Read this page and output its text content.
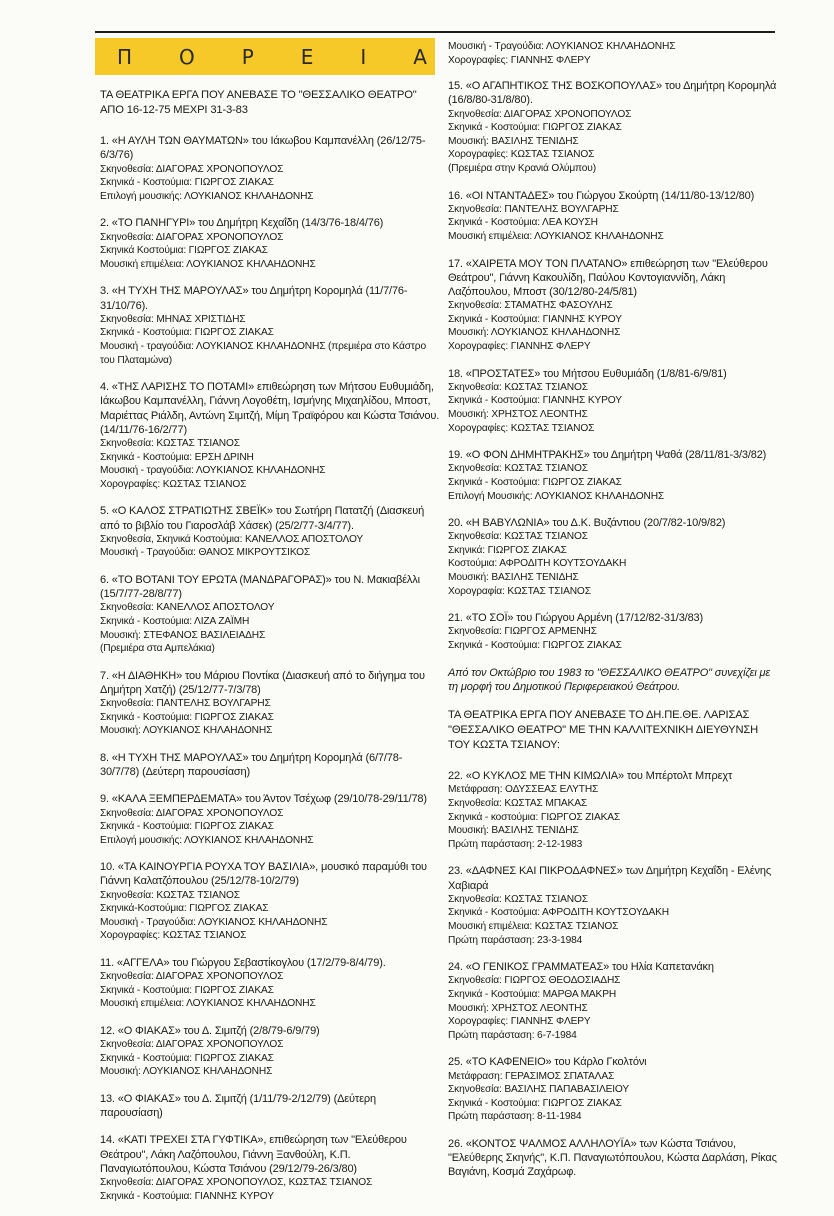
Π Ο Ρ Ε Ι Α
ΤΑ ΘΕΑΤΡΙΚΑ ΕΡΓΑ ΠΟΥ ΑΝΕΒΑΣΕ ΤΟ "ΘΕΣΣΑΛΙΚΟ ΘΕΑΤΡΟ" ΑΠΟ 16-12-75 ΜΕΧΡΙ 31-3-83
1. «Η ΑΥΛΗ ΤΩΝ ΘΑΥΜΑΤΩΝ» του Ιάκωβου Καμπανέλλη (26/12/75-6/3/76)
Σκηνοθεσία: ΔΙΑΓΟΡΑΣ ΧΡΟΝΟΠΟΥΛΟΣ
Σκηνικά - Κοστούμια: ΓΙΩΡΓΟΣ ΖΙΑΚΑΣ
Επιλογή μουσικής: ΛΟΥΚΙΑΝΟΣ ΚΗΛΑΗΔΟΝΗΣ
2. «ΤΟ ΠΑΝΗΓΥΡΙ» του Δημήτρη Κεχαΐδη (14/3/76-18/4/76)
Σκηνοθεσία: ΔΙΑΓΟΡΑΣ ΧΡΟΝΟΠΟΥΛΟΣ
Σκηνικά Κοστούμια: ΓΙΩΡΓΟΣ ΖΙΑΚΑΣ
Μουσική επιμέλεια: ΛΟΥΚΙΑΝΟΣ ΚΗΛΑΗΔΟΝΗΣ
3. «Η ΤΥΧΗ ΤΗΣ ΜΑΡΟΥΛΑΣ» του Δημήτρη Κορομηλά (11/7/76-31/10/76).
Σκηνοθεσία: ΜΗΝΑΣ ΧΡΙΣΤΙΔΗΣ
Σκηνικά - Κοστούμια: ΓΙΩΡΓΟΣ ΖΙΑΚΑΣ
Μουσική - τραγούδια: ΛΟΥΚΙΑΝΟΣ ΚΗΛΑΗΔΟΝΗΣ (πρεμιέρα στο Κάστρο του Πλαταμώνα)
4. «ΤΗΣ ΛΑΡΙΣΗΣ ΤΟ ΠΟΤΑΜΙ» επιθεώρηση των Μήτσου Ευθυμιάδη, Ιάκωβου Καμπανέλλη, Γιάννη Λογοθέτη, Ισμήνης Μιχαηλίδου, Μποστ, Μαριέττας Ριάλδη, Αντώνη Σιμιτζή, Μίμη Τραϊφόρου και Κώστα Τσιάνου. (14/11/76-16/2/77)
Σκηνοθεσία: ΚΩΣΤΑΣ ΤΣΙΑΝΟΣ
Σκηνικά - Κοστούμια: ΕΡΣΗ ΔΡΙΝΗ
Μουσική - τραγούδια: ΛΟΥΚΙΑΝΟΣ ΚΗΛΑΗΔΟΝΗΣ
Χορογραφίες: ΚΩΣΤΑΣ ΤΣΙΑΝΟΣ
5. «Ο ΚΑΛΟΣ ΣΤΡΑΤΙΩΤΗΣ ΣΒΕΪΚ» του Σωτήρη Πατατζή (Διασκευή από το βιβλίο του Γιαροσλάβ Χάσεκ) (25/2/77-3/4/77).
Σκηνοθεσία, Σκηνικά Κοστούμια: ΚΑΝΕΛΛΟΣ ΑΠΟΣΤΟΛΟΥ
Μουσική - Τραγούδια: ΘΑΝΟΣ ΜΙΚΡΟΥΤΣΙΚΟΣ
6. «ΤΟ ΒΟΤΑΝΙ ΤΟΥ ΕΡΩΤΑ (ΜΑΝΔΡΑΓΟΡΑΣ)» του Ν. Μακιαβέλλι (15/7/77-28/8/77)
Σκηνοθεσία: ΚΑΝΕΛΛΟΣ ΑΠΟΣΤΟΛΟΥ
Σκηνικά - Κοστούμια: ΛΙΖΑ ΖΑΪΜΗ
Μουσική: ΣΤΕΦΑΝΟΣ ΒΑΣΙΛΕΙΑΔΗΣ
(Πρεμιέρα στα Αμπελάκια)
7. «Η ΔΙΑΘΗΚΗ» του Μάριου Ποντίκα (Διασκευή από το διήγημα του Δημήτρη Χατζή) (25/12/77-7/3/78)
Σκηνοθεσία: ΠΑΝΤΕΛΗΣ ΒΟΥΛΓΑΡΗΣ
Σκηνικά - Κοστούμια: ΓΙΩΡΓΟΣ ΖΙΑΚΑΣ
Μουσική: ΛΟΥΚΙΑΝΟΣ ΚΗΛΑΗΔΟΝΗΣ
8. «Η ΤΥΧΗ ΤΗΣ ΜΑΡΟΥΛΑΣ» του Δημήτρη Κορομηλά (6/7/78-30/7/78) (Δεύτερη παρουσίαση)
9. «ΚΑΛΑ ΞΕΜΠΕΡΔΕΜΑΤΑ» του Άντον Τσέχωφ (29/10/78-29/11/78)
Σκηνοθεσία: ΔΙΑΓΟΡΑΣ ΧΡΟΝΟΠΟΥΛΟΣ
Σκηνικά - Κοστούμια: ΓΙΩΡΓΟΣ ΖΙΑΚΑΣ
Επιλογή μουσικής: ΛΟΥΚΙΑΝΟΣ ΚΗΛΑΗΔΟΝΗΣ
10. «ΤΑ ΚΑΙΝΟΥΡΓΙΑ ΡΟΥΧΑ ΤΟΥ ΒΑΣΙΛΙΑ», μουσικό παραμύθι του Γιάννη Καλατζόπουλου (25/12/78-10/2/79)
Σκηνοθεσία: ΚΩΣΤΑΣ ΤΣΙΑΝΟΣ
Σκηνικά-Κοστούμια: ΓΙΩΡΓΟΣ ΖΙΑΚΑΣ
Μουσική - Τραγούδια: ΛΟΥΚΙΑΝΟΣ ΚΗΛΑΗΔΟΝΗΣ
Χορογραφίες: ΚΩΣΤΑΣ ΤΣΙΑΝΟΣ
11. «ΑΓΓΕΛΑ» του Γιώργου Σεβαστίκογλου (17/2/79-8/4/79).
Σκηνοθεσία: ΔΙΑΓΟΡΑΣ ΧΡΟΝΟΠΟΥΛΟΣ
Σκηνικά - Κοστούμια: ΓΙΩΡΓΟΣ ΖΙΑΚΑΣ
Μουσική επιμέλεια: ΛΟΥΚΙΑΝΟΣ ΚΗΛΑΗΔΟΝΗΣ
12. «Ο ΦΙΑΚΑΣ» του Δ. Σιμιτζή (2/8/79-6/9/79)
Σκηνοθεσία: ΔΙΑΓΟΡΑΣ ΧΡΟΝΟΠΟΥΛΟΣ
Σκηνικά - Κοστούμια: ΓΙΩΡΓΟΣ ΖΙΑΚΑΣ
Μουσική: ΛΟΥΚΙΑΝΟΣ ΚΗΛΑΗΔΟΝΗΣ
13. «Ο ΦΙΑΚΑΣ» του Δ. Σιμιτζή (1/11/79-2/12/79) (Δεύτερη παρουσίαση)
14. «ΚΑΤΙ ΤΡΕΧΕΙ ΣΤΑ ΓΥΦΤΙΚΑ», επιθεώρηση των "Ελεύθερου Θεάτρου", Λάκη Λαζόπουλου, Γιάννη Ξανθούλη, Κ.Π. Παναγιωτόπουλου, Κώστα Τσιάνου (29/12/79-26/3/80)
Σκηνοθεσία: ΔΙΑΓΟΡΑΣ ΧΡΟΝΟΠΟΥΛΟΣ, ΚΩΣΤΑΣ ΤΣΙΑΝΟΣ
Σκηνικά - Κοστούμια: ΓΙΑΝΝΗΣ ΚΥΡΟΥ
Μουσική - Τραγούδια: ΛΟΥΚΙΑΝΟΣ ΚΗΛΑΗΔΟΝΗΣ
Χορογραφίες: ΓΙΑΝΝΗΣ ΦΛΕΡΥ
15. «Ο ΑΓΑΠΗΤΙΚΟΣ ΤΗΣ ΒΟΣΚΟΠΟΥΛΑΣ» του Δημήτρη Κορομηλά (16/8/80-31/8/80).
Σκηνοθεσία: ΔΙΑΓΟΡΑΣ ΧΡΟΝΟΠΟΥΛΟΣ
Σκηνικά - Κοστούμια: ΓΙΩΡΓΟΣ ΖΙΑΚΑΣ
Μουσική: ΒΑΣΙΛΗΣ ΤΕΝΙΔΗΣ
Χορογραφίες: ΚΩΣΤΑΣ ΤΣΙΑΝΟΣ
(Πρεμιέρα στην Κρανιά Ολύμπου)
16. «ΟΙ ΝΤΑΝΤΑΔΕΣ» του Γιώργου Σκούρτη (14/11/80-13/12/80)
Σκηνοθεσία: ΠΑΝΤΕΛΗΣ ΒΟΥΛΓΑΡΗΣ
Σκηνικά - Κοστούμια: ΛΕΑ ΚΟΥΣΗ
Μουσική επιμέλεια: ΛΟΥΚΙΑΝΟΣ ΚΗΛΑΗΔΟΝΗΣ
17. «ΧΑΙΡΕΤΑ ΜΟΥ ΤΟΝ ΠΛΑΤΑΝΟ» επιθεώρηση των "Ελεύθερου Θεάτρου", Γιάννη Κακουλίδη, Παύλου Κοντογιαννίδη, Λάκη Λαζόπουλου, Μποστ (30/12/80-24/5/81)
Σκηνοθεσία: ΣΤΑΜΑΤΗΣ ΦΑΣΟΥΛΗΣ
Σκηνικά - Κοστούμια: ΓΙΑΝΝΗΣ ΚΥΡΟΥ
Μουσική: ΛΟΥΚΙΑΝΟΣ ΚΗΛΑΗΔΟΝΗΣ
Χορογραφίες: ΓΙΑΝΝΗΣ ΦΛΕΡΥ
18. «ΠΡΟΣΤΑΤΕΣ» του Μήτσου Ευθυμιάδη (1/8/81-6/9/81)
Σκηνοθεσία: ΚΩΣΤΑΣ ΤΣΙΑΝΟΣ
Σκηνικά - Κοστούμια: ΓΙΑΝΝΗΣ ΚΥΡΟΥ
Μουσική: ΧΡΗΣΤΟΣ ΛΕΟΝΤΗΣ
Χορογραφίες: ΚΩΣΤΑΣ ΤΣΙΑΝΟΣ
19. «Ο ΦΟΝ ΔΗΜΗΤΡΑΚΗΣ» του Δημήτρη Ψαθά (28/11/81-3/3/82)
Σκηνοθεσία: ΚΩΣΤΑΣ ΤΣΙΑΝΟΣ
Σκηνικά - Κοστούμια: ΓΙΩΡΓΟΣ ΖΙΑΚΑΣ
Επιλογή Μουσικής: ΛΟΥΚΙΑΝΟΣ ΚΗΛΑΗΔΟΝΗΣ
20. «Η ΒΑΒΥΛΩΝΙΑ» του Δ.Κ. Βυζάντιου (20/7/82-10/9/82)
Σκηνοθεσία: ΚΩΣΤΑΣ ΤΣΙΑΝΟΣ
Σκηνικά: ΓΙΩΡΓΟΣ ΖΙΑΚΑΣ
Κοστούμια: ΑΦΡΟΔΙΤΗ ΚΟΥΤΣΟΥΔΑΚΗ
Μουσική: ΒΑΣΙΛΗΣ ΤΕΝΙΔΗΣ
Χορογραφία: ΚΩΣΤΑΣ ΤΣΙΑΝΟΣ
21. «ΤΟ ΣΟΪ» του Γιώργου Αρμένη (17/12/82-31/3/83)
Σκηνοθεσία: ΓΙΩΡΓΟΣ ΑΡΜΕΝΗΣ
Σκηνικά - Κοστούμια: ΓΙΩΡΓΟΣ ΖΙΑΚΑΣ
Από τον Οκτώβριο του 1983 το "ΘΕΣΣΑΛΙΚΟ ΘΕΑΤΡΟ" συνεχίζει με τη μορφή του Δημοτικού Περιφερειακού Θεάτρου.
ΤΑ ΘΕΑΤΡΙΚΑ ΕΡΓΑ ΠΟΥ ΑΝΕΒΑΣΕ ΤΟ ΔΗ.ΠΕ.ΘΕ. ΛΑΡΙΣΑΣ "ΘΕΣΣΑΛΙΚΟ ΘΕΑΤΡΟ" ΜΕ ΤΗΝ ΚΑΛΛΙΤΕΧΝΙΚΗ ΔΙΕΥΘΥΝΣΗ ΤΟΥ ΚΩΣΤΑ ΤΣΙΑΝΟΥ:
22. «Ο ΚΥΚΛΟΣ ΜΕ ΤΗΝ ΚΙΜΩΛΙΑ» του Μπέρτολτ Μπρεχτ
Μετάφραση: ΟΔΥΣΣΕΑΣ ΕΛΥΤΗΣ
Σκηνοθεσία: ΚΩΣΤΑΣ ΜΠΑΚΑΣ
Σκηνικά - κοστούμια: ΓΙΩΡΓΟΣ ΖΙΑΚΑΣ
Μουσική: ΒΑΣΙΛΗΣ ΤΕΝΙΔΗΣ
Πρώτη παράσταση: 2-12-1983
23. «ΔΑΦΝΕΣ ΚΑΙ ΠΙΚΡΟΔΑΦΝΕΣ» των Δημήτρη Κεχαΐδη - Ελένης Χαβιαρά
Σκηνοθεσία: ΚΩΣΤΑΣ ΤΣΙΑΝΟΣ
Σκηνικά - Κοστούμια: ΑΦΡΟΔΙΤΗ ΚΟΥΤΣΟΥΔΑΚΗ
Μουσική επιμέλεια: ΚΩΣΤΑΣ ΤΣΙΑΝΟΣ
Πρώτη παράσταση: 23-3-1984
24. «Ο ΓΕΝΙΚΟΣ ΓΡΑΜΜΑΤΕΑΣ» του Ηλία Καπετανάκη
Σκηνοθεσία: ΓΙΩΡΓΟΣ ΘΕΟΔΟΣΙΑΔΗΣ
Σκηνικά - Κοστούμια: ΜΑΡΘΑ ΜΑΚΡΗ
Μουσική: ΧΡΗΣΤΟΣ ΛΕΟΝΤΗΣ
Χορογραφίες: ΓΙΑΝΝΗΣ ΦΛΕΡΥ
Πρώτη παράσταση: 6-7-1984
25. «ΤΟ ΚΑΦΕΝΕΙΟ» του Κάρλο Γκολτόνι
Μετάφραση: ΓΕΡΑΣΙΜΟΣ ΣΠΑΤΑΛΑΣ
Σκηνοθεσία: ΒΑΣΙΛΗΣ ΠΑΠΑΒΑΣΙΛΕΙΟΥ
Σκηνικά - Κοστούμια: ΓΙΩΡΓΟΣ ΖΙΑΚΑΣ
Πρώτη παράσταση: 8-11-1984
26. «ΚΟΝΤΟΣ ΨΑΛΜΟΣ ΑΛΛΗΛΟΥΪΑ» των Κώστα Τσιάνου, "Ελεύθερης Σκηνής", Κ.Π. Παναγιωτόπουλου, Κώστα Δαρλάση, Ρίκας Βαγιάνη, Κοσμά Ζαχάρωφ.
